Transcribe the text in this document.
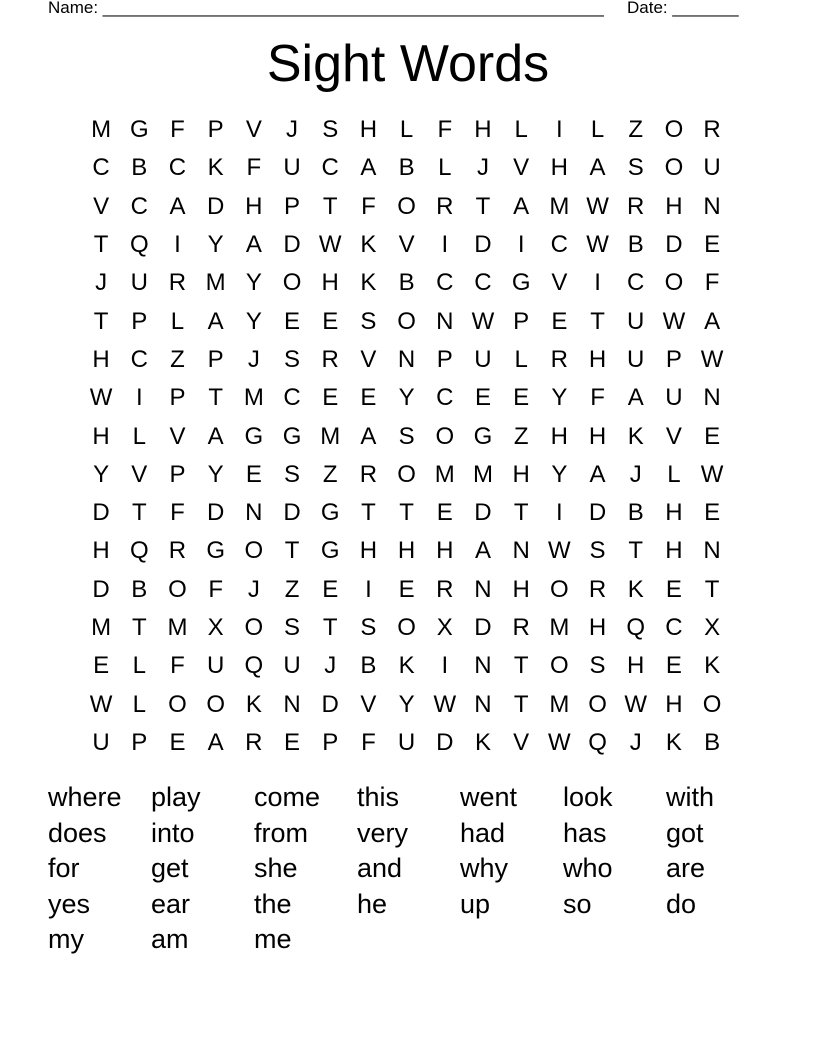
Name: _____________________________________________________ Date: _______
Sight Words
M G F P V	J	S H L	F H L	I	L	Z O R
C B C K F U C A B L	J	V H A S O U
V C A D H P T F O R T A M W R H N
T Q	I	Y A D W K V	I	D	I	C W B D E
J U R M Y O H K B C C G V	I	C O F
T P L A Y E E S O N W P E T U W A
H C Z P	J	S R V N P U L R H U P W
W I	P T M C E E Y C E E Y F A U N
H L V A G G M A S O G Z H H K V E
Y V P Y E S Z R O M M H Y A	J	L W
D T F D N D G T T E D T	I	D B H E
H Q R G O T G H H H A N W S T H N
D B O F	J	Z E	I	E R N H O R K E T
M T M X O S T S O X D R M H Q C X
E L	F U Q U J	B K	I	N T O S H E K
W L O O K N D V Y W N T M O W H O
U P E A R E P F U D K V W Q J	K B
where	play	come	this	went	look	with
does	into	from	very	had	has	got
for	get	she	and	why	who	are
yes	ear	the	he	up	so	do
my	am	me
